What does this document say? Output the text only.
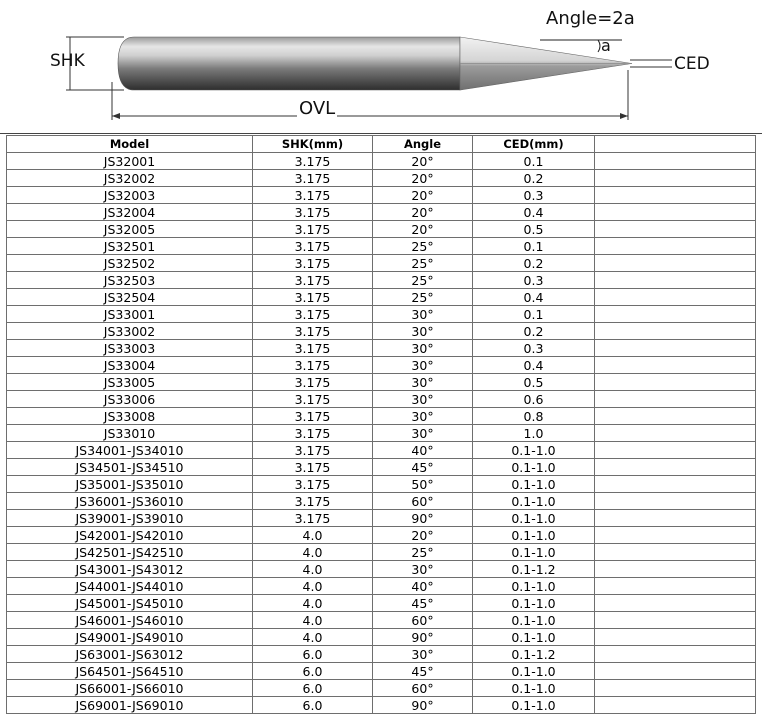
Angle=2a
a
SHK	CED
OVL
Model	SHK(mm)	Angle	CED(mm)	
JS32001	3.175	20°	0.1	
JS32002	3.175	20°	0.2	
JS32003	3.175	20°	0.3	
JS32004	3.175	20°	0.4	
JS32005	3.175	20°	0.5	
JS32501	3.175	25°	0.1	
JS32502	3.175	25°	0.2	
JS32503	3.175	25°	0.3	
JS32504	3.175	25°	0.4	
JS33001	3.175	30°	0.1	
JS33002	3.175	30°	0.2	
JS33003	3.175	30°	0.3	
JS33004	3.175	30°	0.4	
JS33005	3.175	30°	0.5	
JS33006	3.175	30°	0.6	
JS33008	3.175	30°	0.8	
JS33010	3.175	30°	1.0	
JS34001-JS34010	3.175	40°	0.1-1.0	
JS34501-JS34510	3.175	45°	0.1-1.0	
JS35001-JS35010	3.175	50°	0.1-1.0	
JS36001-JS36010	3.175	60°	0.1-1.0	
JS39001-JS39010	3.175	90°	0.1-1.0	
JS42001-JS42010	4.0	20°	0.1-1.0	
JS42501-JS42510	4.0	25°	0.1-1.0	
JS43001-JS43012	4.0	30°	0.1-1.2	
JS44001-JS44010	4.0	40°	0.1-1.0	
JS45001-JS45010	4.0	45°	0.1-1.0	
JS46001-JS46010	4.0	60°	0.1-1.0	
JS49001-JS49010	4.0	90°	0.1-1.0	
JS63001-JS63012	6.0	30°	0.1-1.2	
JS64501-JS64510	6.0	45°	0.1-1.0	
JS66001-JS66010	6.0	60°	0.1-1.0	
JS69001-JS69010	6.0	90°	0.1-1.0	
